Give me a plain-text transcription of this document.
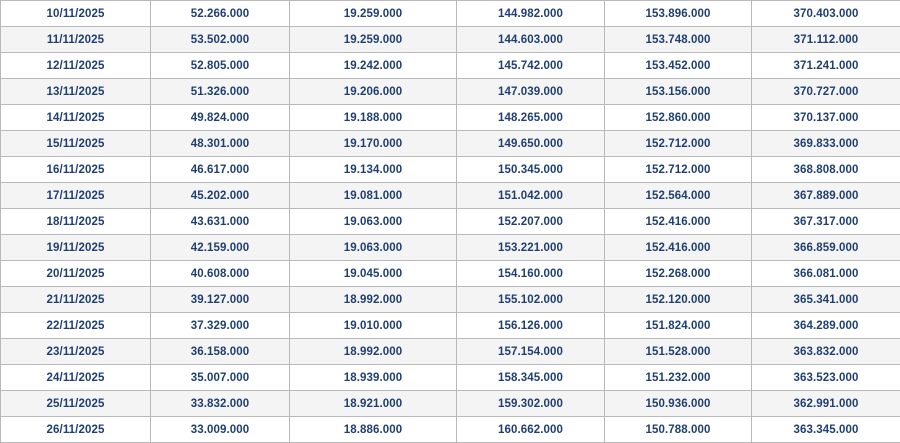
10/11/2025	52.266.000	19.259.000	144.982.000	153.896.000	370.403.000
11/11/2025	53.502.000	19.259.000	144.603.000	153.748.000	371.112.000
12/11/2025	52.805.000	19.242.000	145.742.000	153.452.000	371.241.000
13/11/2025	51.326.000	19.206.000	147.039.000	153.156.000	370.727.000
14/11/2025	49.824.000	19.188.000	148.265.000	152.860.000	370.137.000
15/11/2025	48.301.000	19.170.000	149.650.000	152.712.000	369.833.000
16/11/2025	46.617.000	19.134.000	150.345.000	152.712.000	368.808.000
17/11/2025	45.202.000	19.081.000	151.042.000	152.564.000	367.889.000
18/11/2025	43.631.000	19.063.000	152.207.000	152.416.000	367.317.000
19/11/2025	42.159.000	19.063.000	153.221.000	152.416.000	366.859.000
20/11/2025	40.608.000	19.045.000	154.160.000	152.268.000	366.081.000
21/11/2025	39.127.000	18.992.000	155.102.000	152.120.000	365.341.000
22/11/2025	37.329.000	19.010.000	156.126.000	151.824.000	364.289.000
23/11/2025	36.158.000	18.992.000	157.154.000	151.528.000	363.832.000
24/11/2025	35.007.000	18.939.000	158.345.000	151.232.000	363.523.000
25/11/2025	33.832.000	18.921.000	159.302.000	150.936.000	362.991.000
26/11/2025	33.009.000	18.886.000	160.662.000	150.788.000	363.345.000
